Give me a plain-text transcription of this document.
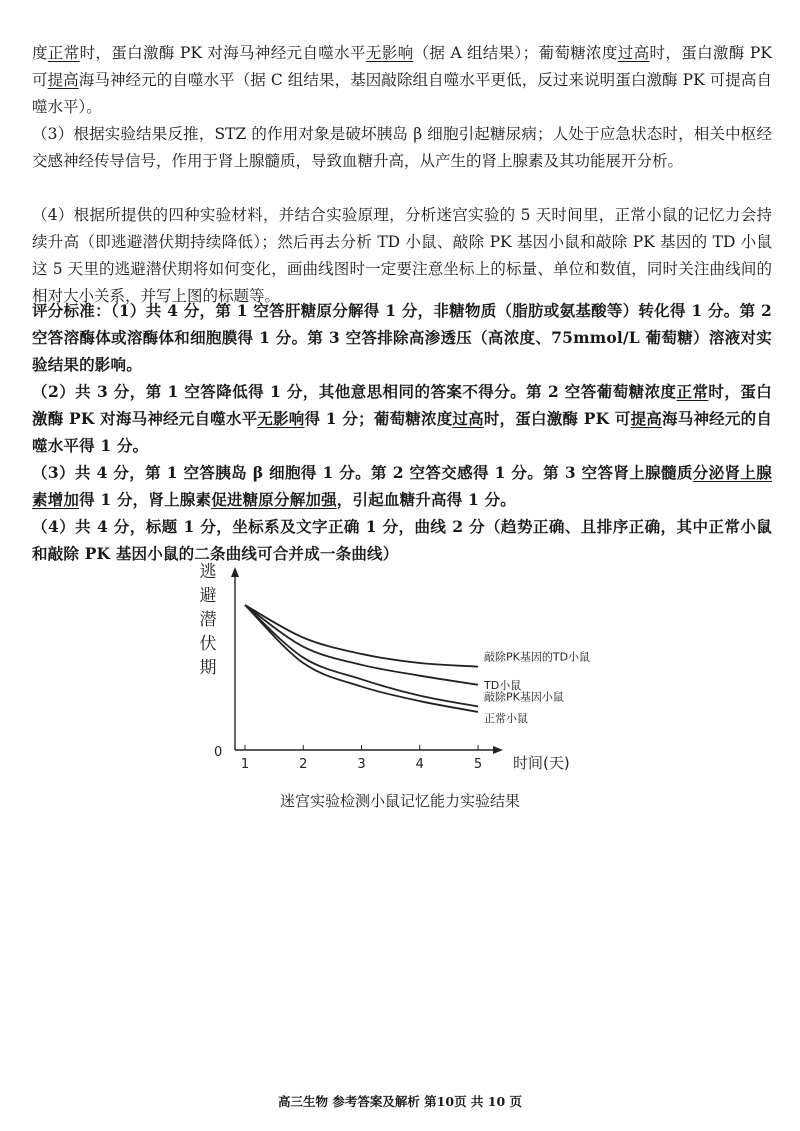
度正常时，蛋白激酶 PK 对海马神经元自噬水平无影响（据 A 组结果）；葡萄糖浓度过高时，蛋白激酶 PK 可提高海马神经元的自噬水平（据 C 组结果，基因敲除组自噬水平更低，反过来说明蛋白激酶 PK 可提高自噬水平）。

（3）根据实验结果反推，STZ 的作用对象是破坏胰岛 β 细胞引起糖尿病；人处于应急状态时，相关中枢经交感神经传导信号，作用于肾上腺髓质，导致血糖升高，从产生的肾上腺素及其功能展开分析。

（4）根据所提供的四种实验材料，并结合实验原理，分析迷宫实验的 5 天时间里，正常小鼠的记忆力会持续升高（即逃避潜伏期持续降低）；然后再去分析 TD 小鼠、敲除 PK 基因小鼠和敲除 PK 基因的 TD 小鼠这 5 天里的逃避潜伏期将如何变化，画曲线图时一定要注意坐标上的标量、单位和数值，同时关注曲线间的相对大小关系，并写上图的标题等。

评分标准：（1）共 4 分，第 1 空答肝糖原分解得 1 分，非糖物质（脂肪或氨基酸等）转化得 1 分。第 2 空答溶酶体或溶酶体和细胞膜得 1 分。第 3 空答排除高渗透压（高浓度、75mmol/L 葡萄糖）溶液对实验结果的影响。

（2）共 3 分，第 1 空答降低得 1 分，其他意思相同的答案不得分。第 2 空答葡萄糖浓度正常时，蛋白激酶 PK 对海马神经元自噬水平无影响得 1 分；葡萄糖浓度过高时，蛋白激酶 PK 可提高海马神经元的自噬水平得 1 分。

（3）共 4 分，第 1 空答胰岛 β 细胞得 1 分。第 2 空答交感得 1 分。第 3 空答肾上腺髓质分泌肾上腺素增加得 1 分，肾上腺素促进糖原分解加强，引起血糖升高得 1 分。

（4）共 4 分，标题 1 分，坐标系及文字正确 1 分，曲线 2 分（趋势正确、且排序正确，其中正常小鼠和敲除 PK 基因小鼠的二条曲线可合并成一条曲线）

逃
避
潜
伏
期
0
1	2	3	4	5 时间(天)
敲除PK基因的TD小鼠
TD小鼠
敲除PK基因小鼠
正常小鼠
迷宫实验检测小鼠记忆能力实验结果
高三生物 参考答案及解析 第10页 共 10 页
